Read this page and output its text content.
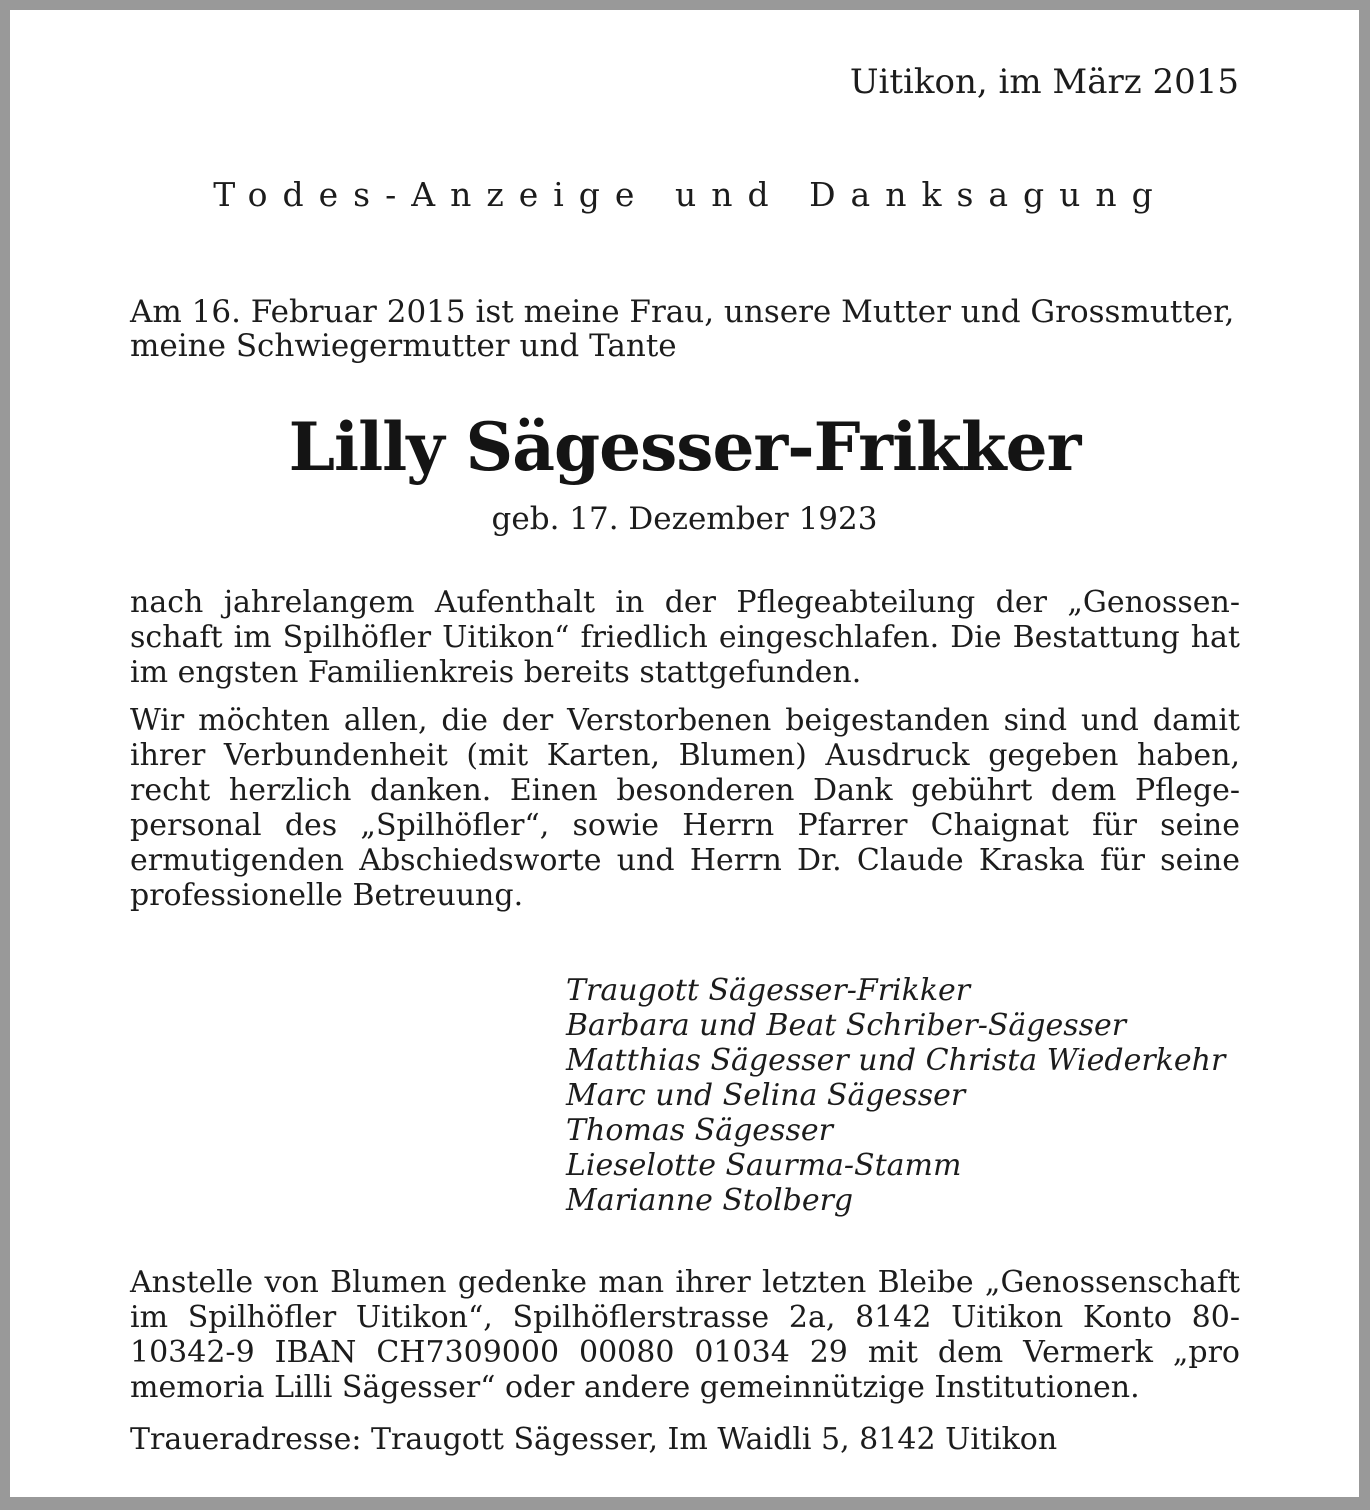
Uitikon, im März 2015
Todes-Anzeige und Danksagung
Am 16. Februar 2015 ist meine Frau, unsere Mutter und Grossmutter,
meine Schwiegermutter und Tante
Lilly Sägesser-Frikker
geb. 17. Dezember 1923

nach jahrelangem Aufenthalt in der Pflegeabteilung der „Genossenschaft im Spilhöfler Uitikon“ friedlich eingeschlafen. Die Bestattung hat im engsten Familienkreis bereits stattgefunden.

Wir möchten allen, die der Verstorbenen beigestanden sind und damit ihrer Verbundenheit (mit Karten, Blumen) Ausdruck gegeben haben, recht herzlich danken. Einen besonderen Dank gebührt dem Pflegepersonal des „Spilhöfler“, sowie Herrn Pfarrer Chaignat für seine ermutigenden Abschiedsworte und Herrn Dr. Claude Kraska für seine professionelle Betreuung.

Traugott Sägesser-Frikker
Barbara und Beat Schriber-Sägesser
Matthias Sägesser und Christa Wiederkehr
Marc und Selina Sägesser
Thomas Sägesser
Lieselotte Saurma-Stamm
Marianne Stolberg

Anstelle von Blumen gedenke man ihrer letzten Bleibe „Genossenschaft im Spilhöfler Uitikon“, Spilhöflerstrasse 2a, 8142 Uitikon Konto 80-10342-9 IBAN CH7309000 00080 01034 29 mit dem Vermerk „pro memoria Lilli Sägesser“ oder andere gemeinnützige Institutionen.

Traueradresse: Traugott Sägesser, Im Waidli 5, 8142 Uitikon
